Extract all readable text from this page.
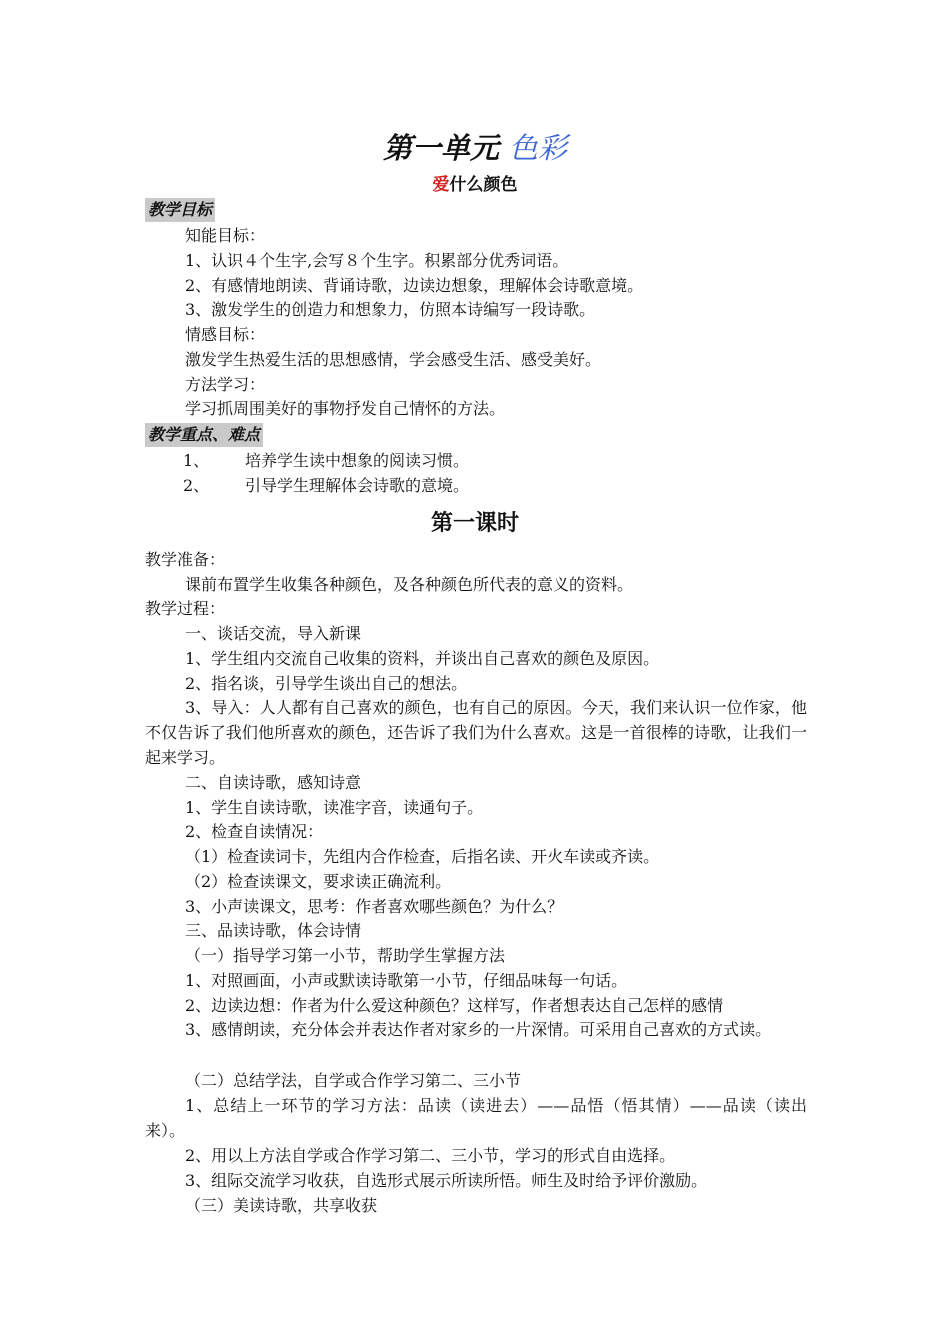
第一单元 色彩
爱什么颜色
教学目标
知能目标：
1、认识４个生字,会写８个生字。积累部分优秀词语。
2、有感情地朗读、背诵诗歌，边读边想象，理解体会诗歌意境。
3、激发学生的创造力和想象力，仿照本诗编写一段诗歌。
情感目标：
激发学生热爱生活的思想感情，学会感受生活、感受美好。
方法学习：
学习抓周围美好的事物抒发自己情怀的方法。
教学重点、难点
1、 培养学生读中想象的阅读习惯。
2、 引导学生理解体会诗歌的意境。
第一课时
教学准备：
课前布置学生收集各种颜色，及各种颜色所代表的意义的资料。
教学过程：
一、谈话交流，导入新课
1、学生组内交流自己收集的资料，并谈出自己喜欢的颜色及原因。
2、指名谈，引导学生谈出自己的想法。
3、导入：人人都有自己喜欢的颜色，也有自己的原因。今天，我们来认识一位作家，他不仅告诉了我们他所喜欢的颜色，还告诉了我们为什么喜欢。这是一首很棒的诗歌，让我们一起来学习。
二、自读诗歌，感知诗意
1、学生自读诗歌，读准字音，读通句子。
2、检查自读情况：
（1）检查读词卡，先组内合作检查，后指名读、开火车读或齐读。
（2）检查读课文，要求读正确流利。
3、小声读课文，思考：作者喜欢哪些颜色？为什么？
三、品读诗歌，体会诗情
（一）指导学习第一小节，帮助学生掌握方法
1、对照画面，小声或默读诗歌第一小节，仔细品味每一句话。
2、边读边想：作者为什么爱这种颜色？这样写，作者想表达自己怎样的感情
3、感情朗读，充分体会并表达作者对家乡的一片深情。可采用自己喜欢的方式读。
（二）总结学法，自学或合作学习第二、三小节
1、总结上一环节的学习方法：品读（读进去）——品悟（悟其情）——品读（读出来）。
2、用以上方法自学或合作学习第二、三小节，学习的形式自由选择。
3、组际交流学习收获，自选形式展示所读所悟。师生及时给予评价激励。
（三）美读诗歌，共享收获
